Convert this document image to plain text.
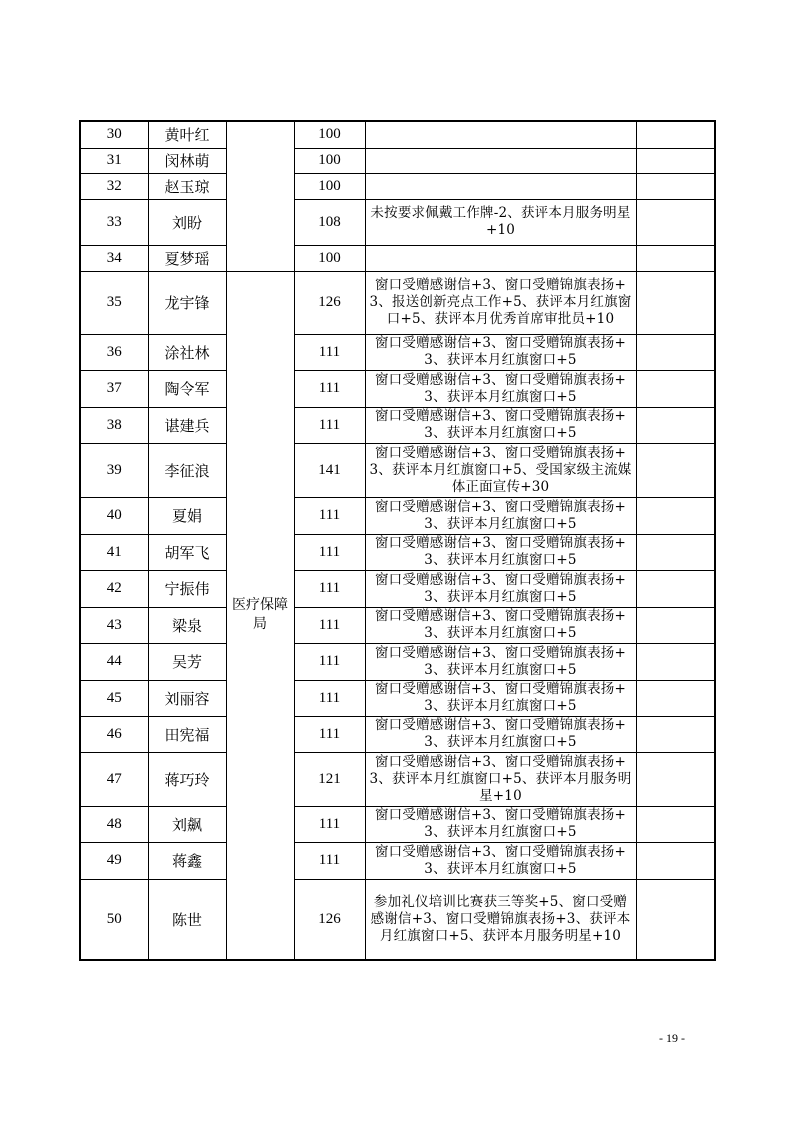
30	黄叶红		100		
31	闵林萌		100		
32	赵玉琼		100		
33	刘盼		108	未按要求佩戴工作牌-2、获评本月服务明星+10	
34	夏梦瑶		100		
35	龙宇锋	医疗保障局	126	窗口受赠感谢信+3、窗口受赠锦旗表扬+3、报送创新亮点工作+5、获评本月红旗窗口+5、获评本月优秀首席审批员+10	
36	涂社林		111	窗口受赠感谢信+3、窗口受赠锦旗表扬+3、获评本月红旗窗口+5	
37	陶令军		111	窗口受赠感谢信+3、窗口受赠锦旗表扬+3、获评本月红旗窗口+5	
38	谌建兵		111	窗口受赠感谢信+3、窗口受赠锦旗表扬+3、获评本月红旗窗口+5	
39	李征浪		141	窗口受赠感谢信+3、窗口受赠锦旗表扬+3、获评本月红旗窗口+5、受国家级主流媒体正面宣传+30	
40	夏娟		111	窗口受赠感谢信+3、窗口受赠锦旗表扬+3、获评本月红旗窗口+5	
41	胡军飞		111	窗口受赠感谢信+3、窗口受赠锦旗表扬+3、获评本月红旗窗口+5	
42	宁振伟		111	窗口受赠感谢信+3、窗口受赠锦旗表扬+3、获评本月红旗窗口+5	
43	梁泉		111	窗口受赠感谢信+3、窗口受赠锦旗表扬+3、获评本月红旗窗口+5	
44	吴芳		111	窗口受赠感谢信+3、窗口受赠锦旗表扬+3、获评本月红旗窗口+5	
45	刘丽容		111	窗口受赠感谢信+3、窗口受赠锦旗表扬+3、获评本月红旗窗口+5	
46	田宪福		111	窗口受赠感谢信+3、窗口受赠锦旗表扬+3、获评本月红旗窗口+5	
47	蒋巧玲		121	窗口受赠感谢信+3、窗口受赠锦旗表扬+3、获评本月红旗窗口+5、获评本月服务明星+10	
48	刘飙		111	窗口受赠感谢信+3、窗口受赠锦旗表扬+3、获评本月红旗窗口+5	
49	蒋鑫		111	窗口受赠感谢信+3、窗口受赠锦旗表扬+3、获评本月红旗窗口+5	
50	陈世		126	参加礼仪培训比赛获三等奖+5、窗口受赠感谢信+3、窗口受赠锦旗表扬+3、获评本月红旗窗口+5、获评本月服务明星+10	
- 19 -
